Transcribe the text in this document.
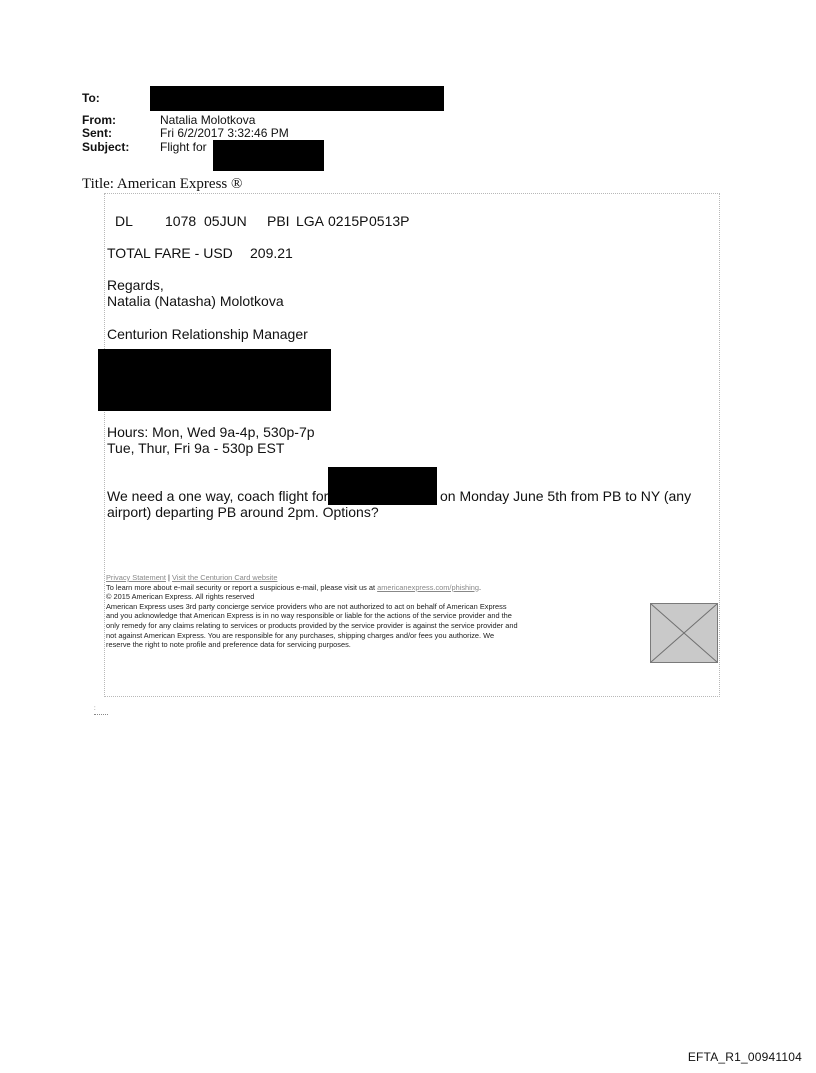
To:
From:	Natalia Molotkova
Sent:	Fri 6/2/2017 3:32:46 PM
Subject:	Flight for
Title: American Express ®
DL 1078 05JUN PBI LGA 0215P 0513P
TOTAL FARE - USD 209.21
Regards,
Natalia (Natasha) Molotkova
Centurion Relationship Manager
Hours: Mon, Wed 9a-4p, 530p-7p
Tue, Thur, Fri 9a - 530p EST
We need a one way, coach flight for	on Monday June 5th from PB to NY (any
airport) departing PB around 2pm. Options?
Privacy Statement | Visit the Centurion Card website
To learn more about e-mail security or report a suspicious e-mail, please visit us at americanexpress.com/phishing.
© 2015 American Express. All rights reserved
American Express uses 3rd party concierge service providers who are not authorized to act on behalf of American Express
and you acknowledge that American Express is in no way responsible or liable for the actions of the service provider and the
only remedy for any claims relating to services or products provided by the service provider is against the service provider and
not against American Express. You are responsible for any purchases, shipping charges and/or fees you authorize. We
reserve the right to note profile and preference data for servicing purposes.
:
EFTA_R1_00941104
